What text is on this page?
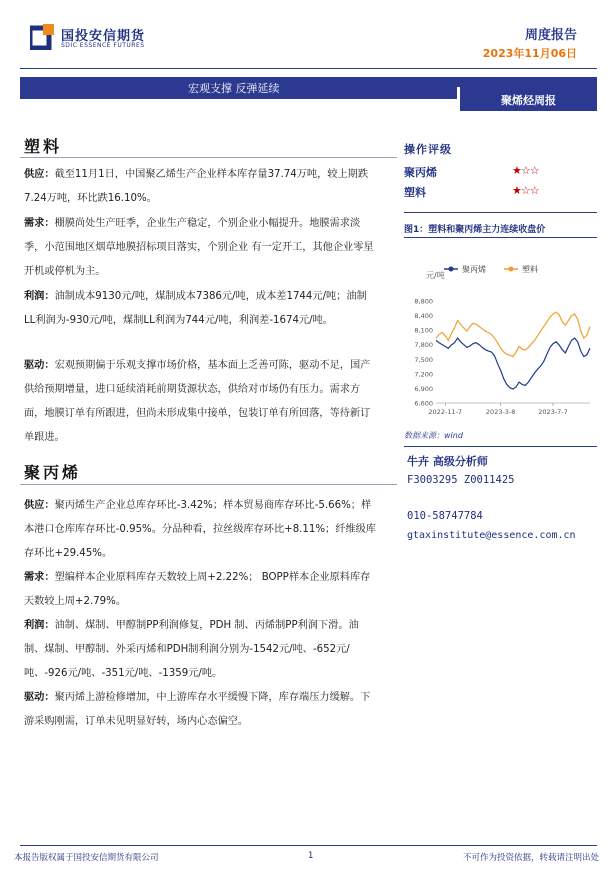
国投安信期货
SDIC ESSENCE FUTURES
周度报告
2023年11月06日
宏观支撑 反弹延续
聚烯烃周报
塑料
供应：截至11月1日，中国聚乙烯生产企业样本库存量37.74万吨，较上期跌7.24万吨，环比跌16.10%。
需求：棚膜尚处生产旺季，企业生产稳定，个别企业小幅提升。地膜需求淡季，小范围地区烟草地膜招标项目落实，个别企业 有一定开工，其他企业零星开机或停机为主。
利润：油制成本9130元/吨，煤制成本7386元/吨，成本差1744元/吨；油制LL利润为-930元/吨，煤制LL利润为744元/吨，利润差-1674元/吨。
驱动：宏观预期偏于乐观支撑市场价格，基本面上乏善可陈，驱动不足，国产供给预期增量，进口延续消耗前期货源状态，供给对市场仍有压力。需求方面，地膜订单有所跟进，但尚未形成集中接单，包装订单有所回落，等待新订单跟进。
聚丙烯
供应：聚丙烯生产企业总库存环比-3.42%；样本贸易商库存环比-5.66%；样本港口仓库库存环比-0.95%。分品种看，拉丝级库存环比+8.11%；纤维级库存环比+29.45%。
需求：塑编样本企业原料库存天数较上周+2.22%； BOPP样本企业原料库存天数较上周+2.79%。
利润：油制、煤制、甲醇制PP利润修复，PDH 制、丙烯制PP利润下滑。油制、煤制、甲醇制、外采丙烯和PDH制利润分别为-1542元/吨、-652元/吨、-926元/吨、-351元/吨、-1359元/吨。
驱动：聚丙烯上游检修增加，中上游库存水平缓慢下降，库存端压力缓解。下游采购刚需，订单未见明显好转，场内心态偏空。
操作评级
聚丙烯	★☆☆
塑料	★☆☆
图1：塑料和聚丙烯主力连续收盘价
聚丙烯	塑料
元/吨
8,800
8,400
8,100
7,800
7,500
7,200
6,900
6,600
2022-11-7	2023-3-8	2023-7-7
数据来源：wind
牛卉 高级分析师
F3003295 Z0011425
010-58747784
gtaxinstitute@essence.com.cn
本报告版权属于国投安信期货有限公司	1	不可作为投资依据，转载请注明出处
